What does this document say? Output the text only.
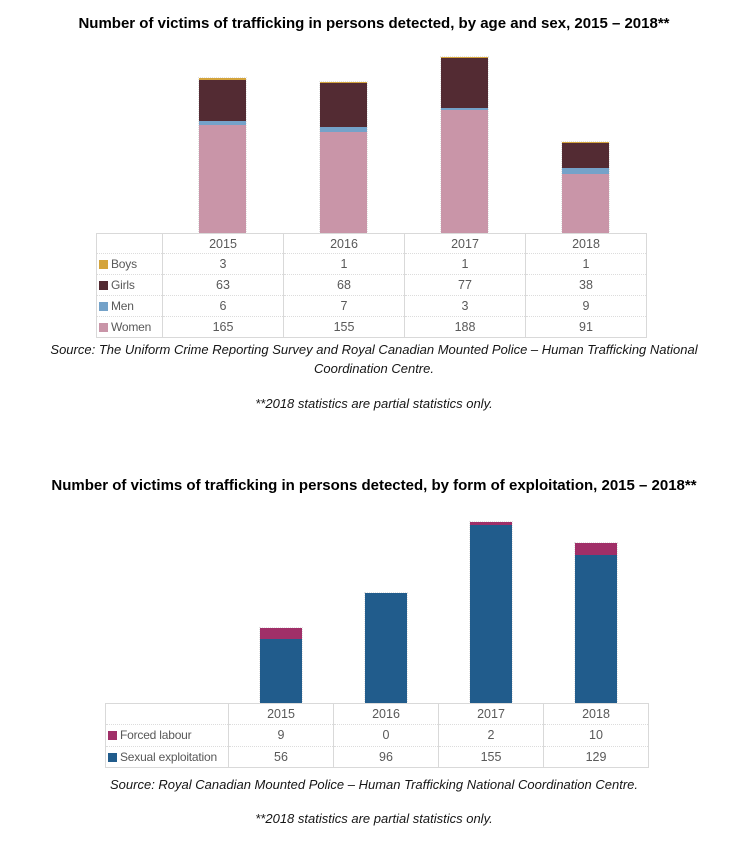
Number of victims of trafficking in persons detected, by age and sex, 2015 – 2018**
	2015	2016	2017	2018
Boys	3	1	1	1
Girls	63	68	77	38
Men	6	7	3	9
Women	165	155	188	91
Source: The Uniform Crime Reporting Survey and Royal Canadian Mounted Police – Human Trafficking National
Coordination Centre.
**2018 statistics are partial statistics only.
Number of victims of trafficking in persons detected, by form of exploitation, 2015 – 2018**
	2015	2016	2017	2018
Forced labour	9	0	2	10
Sexual exploitation	56	96	155	129
Source: Royal Canadian Mounted Police – Human Trafficking National Coordination Centre.
**2018 statistics are partial statistics only.
